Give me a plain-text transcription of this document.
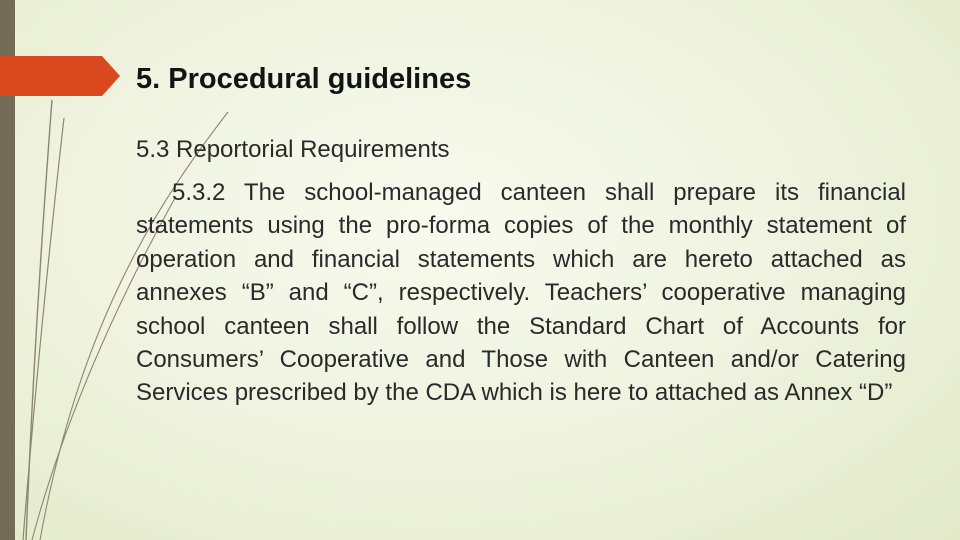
5. Procedural guidelines

5.3 Reportorial Requirements

5.3.2 The school-managed canteen shall prepare its financial statements using the pro-forma copies of the monthly statement of operation and financial statements which are hereto attached as annexes “B” and “C”, respectively. Teachers’ cooperative managing school canteen shall follow the Standard Chart of Accounts for Consumers’ Cooperative and Those with Canteen and/or Catering Services prescribed by the CDA which is here to attached as Annex “D”
